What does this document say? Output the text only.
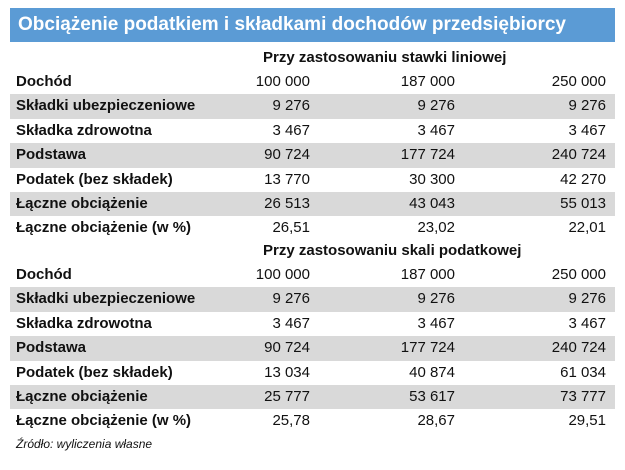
Obciążenie podatkiem i składkami dochodów przedsiębiorcy
Przy zastosowaniu stawki liniowej
Dochód	100 000	187 000	250 000
Składki ubezpieczeniowe	9 276	9 276	9 276
Składka zdrowotna	3 467	3 467	3 467
Podstawa	90 724	177 724	240 724
Podatek (bez składek)	13 770	30 300	42 270
Łączne obciążenie	26 513	43 043	55 013
Łączne obciążenie (w %)	26,51	23,02	22,01
Przy zastosowaniu skali podatkowej
Dochód	100 000	187 000	250 000
Składki ubezpieczeniowe	9 276	9 276	9 276
Składka zdrowotna	3 467	3 467	3 467
Podstawa	90 724	177 724	240 724
Podatek (bez składek)	13 034	40 874	61 034
Łączne obciążenie	25 777	53 617	73 777
Łączne obciążenie (w %)	25,78	28,67	29,51
Źródło: wyliczenia własne
